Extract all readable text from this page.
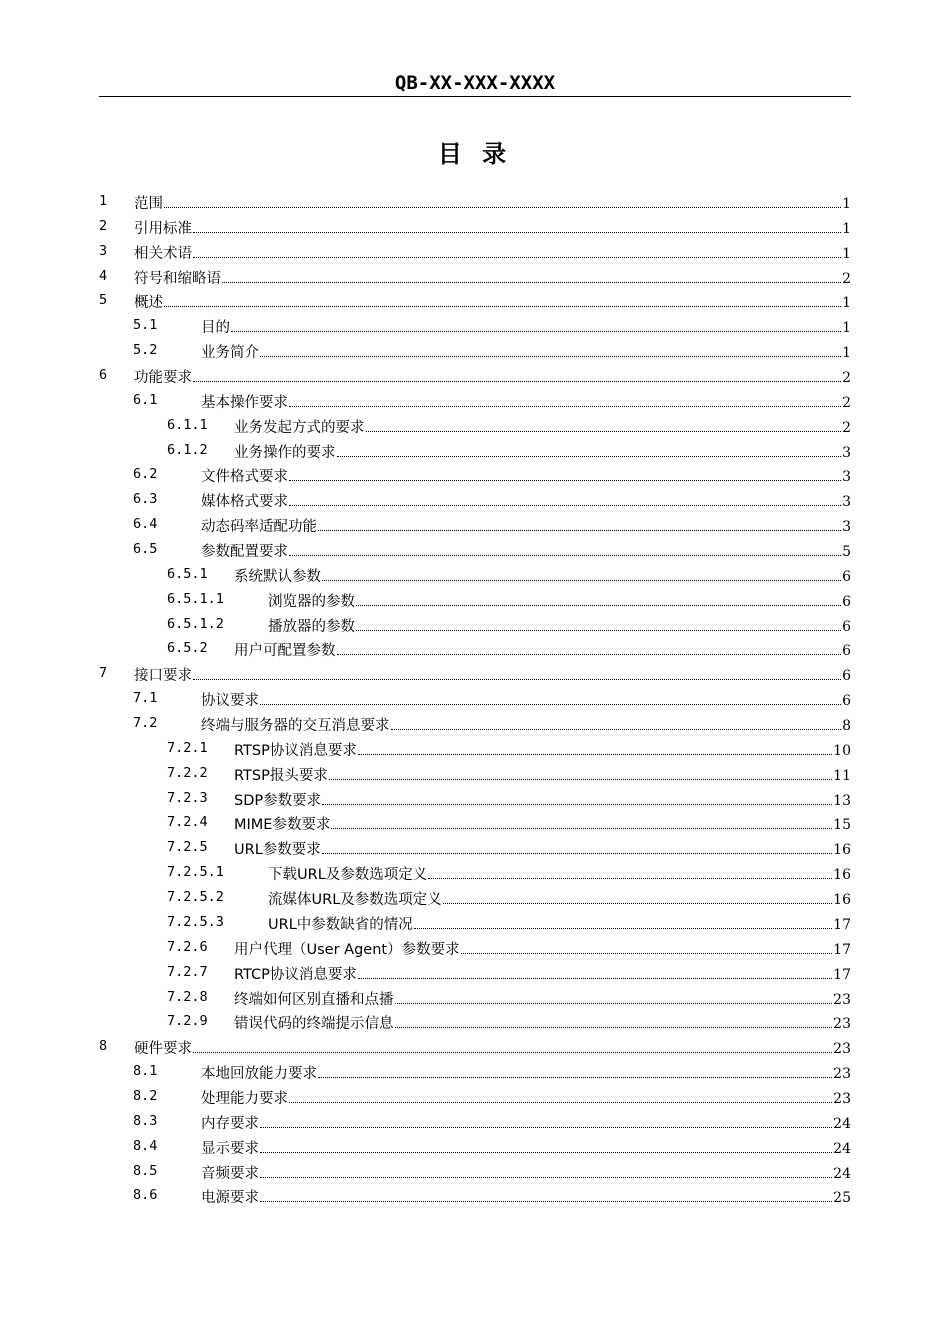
QB-XX-XXX-XXXX
目 录
1 范围	1
2 引用标准	1
3 相关术语	1
4 符号和缩略语	2
5 概述	1
5.1	目的	1
5.2	业务简介	1
6 功能要求	2
6.1	基本操作要求	2
6.1.1 业务发起方式的要求	2
6.1.2 业务操作的要求	3
6.2	文件格式要求	3
6.3	媒体格式要求	3
6.4	动态码率适配功能	3
6.5	参数配置要求	5
6.5.1 系统默认参数	6
6.5.1.1	浏览器的参数	6
6.5.1.2	播放器的参数	6
6.5.2 用户可配置参数	6
7 接口要求	6
7.1	协议要求	6
7.2	终端与服务器的交互消息要求	8
7.2.1 RTSP协议消息要求	10
7.2.2 RTSP报头要求	11
7.2.3 SDP参数要求	13
7.2.4 MIME参数要求	15
7.2.5 URL参数要求	16
7.2.5.1	下载URL及参数选项定义	16
7.2.5.2	流媒体URL及参数选项定义	16
7.2.5.3	URL中参数缺省的情况	17
7.2.6 用户代理（User Agent）参数要求	17
7.2.7 RTCP协议消息要求	17
7.2.8 终端如何区别直播和点播	23
7.2.9 错误代码的终端提示信息	23
8 硬件要求	23
8.1	本地回放能力要求	23
8.2	处理能力要求	23
8.3	内存要求	24
8.4	显示要求	24
8.5	音频要求	24
8.6	电源要求	25
